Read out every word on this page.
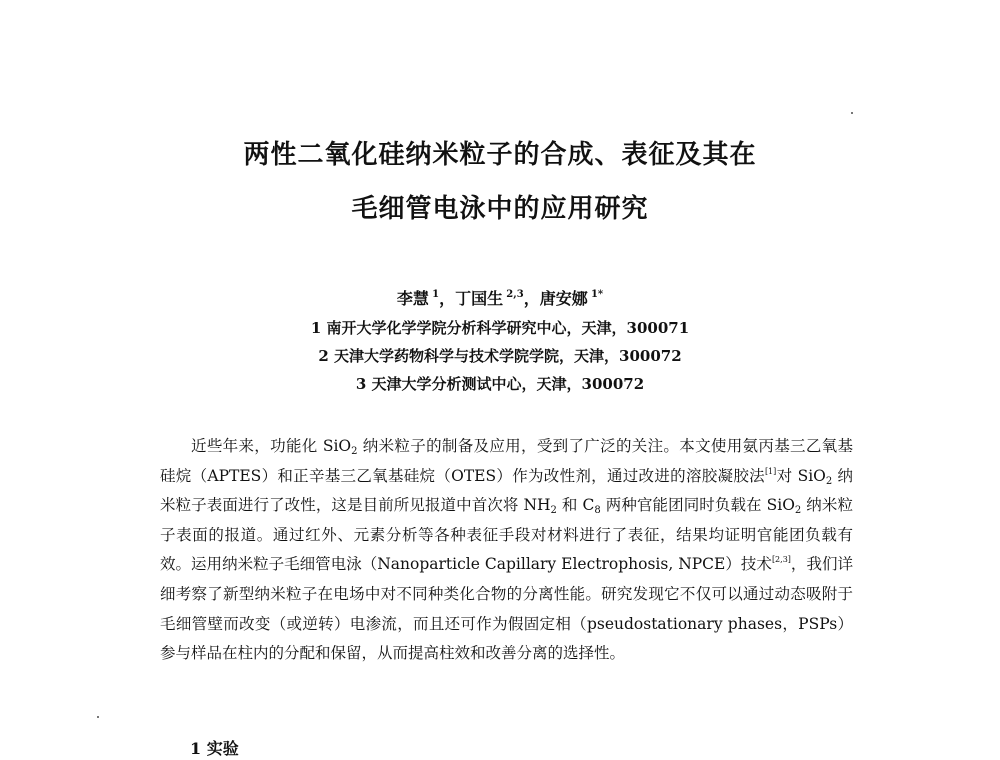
两性二氧化硅纳米粒子的合成、表征及其在
毛细管电泳中的应用研究
李慧  $^1$，丁国生  $^{2,3}$，唐安娜  $^{1*}$
1 南开大学化学学院分析科学研究中心，天津，300071
2 天津大学药物科学与技术学院学院，天津，300072
3 天津大学分析测试中心，天津，300072

近些年来，功能化 SiO$_2$ 纳米粒子的制备及应用，受到了广泛的关注。本文使用氨丙基三乙氧基硅烷（APTES）和正辛基三乙氧基硅烷（OTES）作为改性剂，通过改进的溶胶凝胶法[1]对 SiO$_2$ 纳米粒子表面进行了改性，这是目前所见报道中首次将 $NH_2$ 和 $C_8$ 两种官能团同时负载在 SiO$_2$ 纳米粒子表面的报道。通过红外、元素分析等各种表征手段对材料进行了表征，结果均证明官能团负载有效。运用纳米粒子毛细管电泳（Nanoparticle Capillary Electrophosis, NPCE）技术[2,3]，我们详细考察了新型纳米粒子在电场中对不同种类化合物的分离性能。研究发现它不仅可以通过动态吸附于毛细管壁而改变（或逆转）电渗流，而且还可作为假固定相（pseudostationary phases，PSPs）参与样品在柱内的分配和保留，从而提高柱效和改善分离的选择性。

1 实验
